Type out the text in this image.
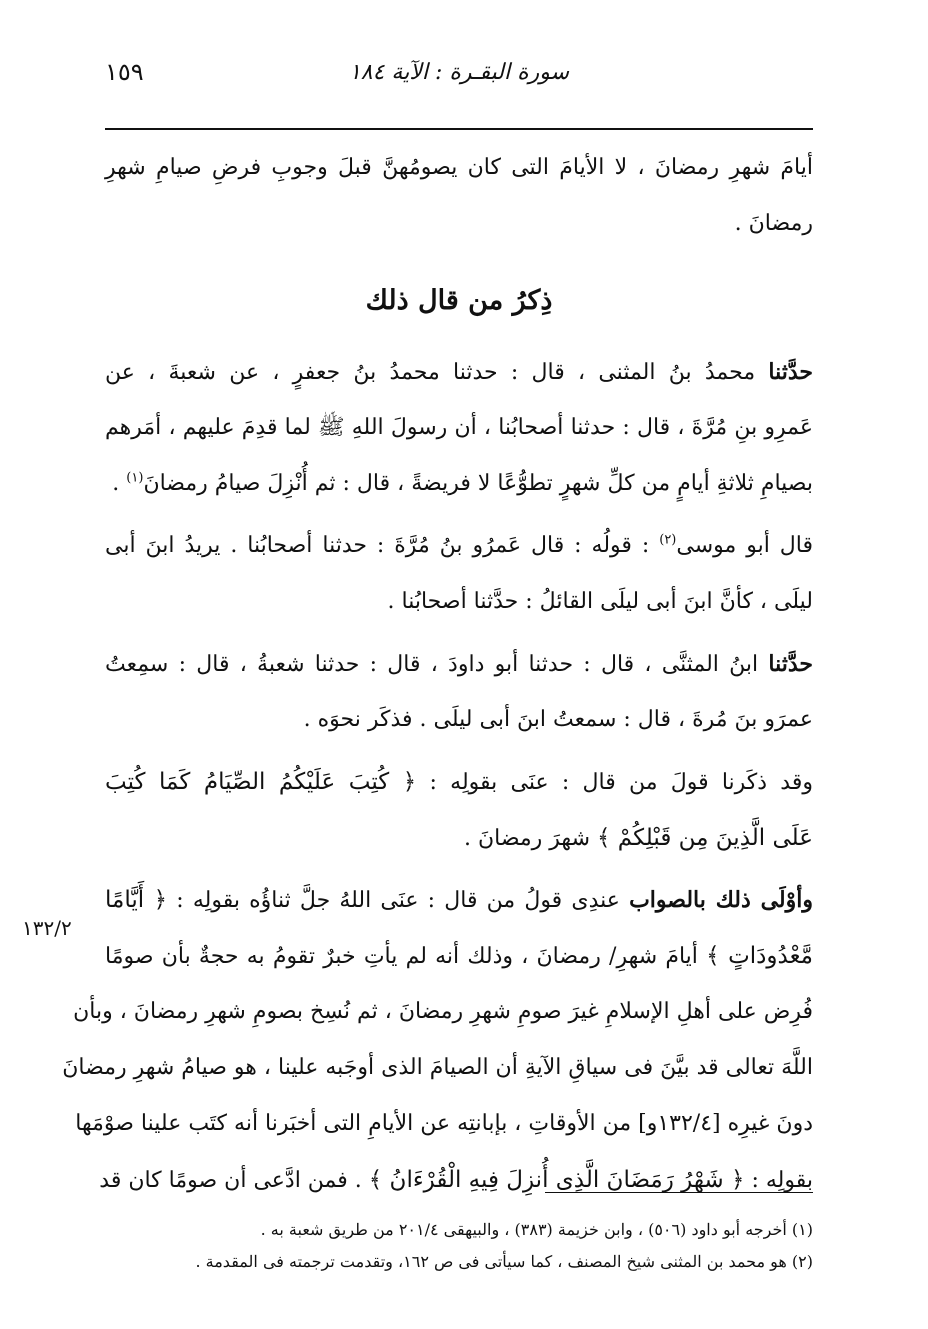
١٥٩	سورة البقـرة : الآية ١٨٤
أيامَ شهرِ رمضانَ ، لا الأيامَ التى كان يصومُهنَّ قبلَ وجوبِ فرضِ صيامِ شهرِ
رمضانَ .
ذِكرُ من قال ذلك
حدَّثنا محمدُ بنُ المثنى ، قال : حدثنا محمدُ بنُ جعفرٍ ، عن شعبةَ ، عن
عَمرِو بنِ مُرَّةَ ، قال : حدثنا أصحابُنا ، أن رسولَ اللهِ ﷺ لما قدِمَ عليهم ، أمَرهم
بصيامِ ثلاثةِ أيامٍ من كلِّ شهرٍ تطوُّعًا لا فريضةً ، قال : ثم أُنْزِلَ صيامُ رمضانَ$^{(١)}$ .
قال أبو موسى$^{(٢)}$ : قولُه : قال عَمرُو بنُ مُرَّةَ : حدثنا أصحابُنا . يريدُ ابنَ أبى
ليلَى ، كأنَّ ابنَ أبى ليلَى القائلُ : حدَّثنا أصحابُنا .
حدَّثنا ابنُ المثنَّى ، قال : حدثنا أبو داودَ ، قال : حدثنا شعبةُ ، قال : سمِعتُ
عمرَو بنَ مُرةَ ، قال : سمعتُ ابنَ أبى ليلَى . فذكَر نحوَه .
وقد ذكَرنا قولَ من قال : عنَى بقولِه : ﴿ كُتِبَ عَلَيْكُمُ الصِّيَامُ كَمَا كُتِبَ
عَلَى الَّذِينَ مِن قَبْلِكُمْ ﴾ شهرَ رمضانَ .
وأوْلَى ذلك بالصواب عندِى قولُ من قال : عنَى اللهُ جلَّ ثناؤُه بقولِه : ﴿ أَيَّامًا
مَّعْدُودَاتٍ ﴾ أيامَ شهرِ/ رمضانَ ، وذلك أنه لم يأتِ خبرٌ تقومُ به حجةٌ بأن صومًا
فُرِض على أهلِ الإسلامِ غيرَ صومِ شهرِ رمضانَ ، ثم نُسِخ بصومِ شهرِ رمضانَ ، وبأن
اللَّهَ تعالى قد بيَّنَ فى سياقِ الآيةِ أن الصيامَ الذى أوجَبه علينا ، هو صيامُ شهرِ رمضانَ
دونَ غيرِه [١٣٢/٤و] من الأوقاتِ ، بإبانتِه عن الأيامِ التى أخبَرنا أنه كتَب علينا صوْمَها
بقولِه : ﴿ شَهْرُ رَمَضَانَ الَّذِى أُنزِلَ فِيهِ الْقُرْءَانُ ﴾ . فمن ادَّعى أن صومًا كان قد
١٣٢/٢
(١) أخرجه أبو داود (٥٠٦) ، وابن خزيمة (٣٨٣) ، والبيهقى ٢٠١/٤ من طريق شعبة به .
(٢) هو محمد بن المثنى شيخ المصنف ، كما سيأتى فى ص ١٦٢، وتقدمت ترجمته فى المقدمة .
